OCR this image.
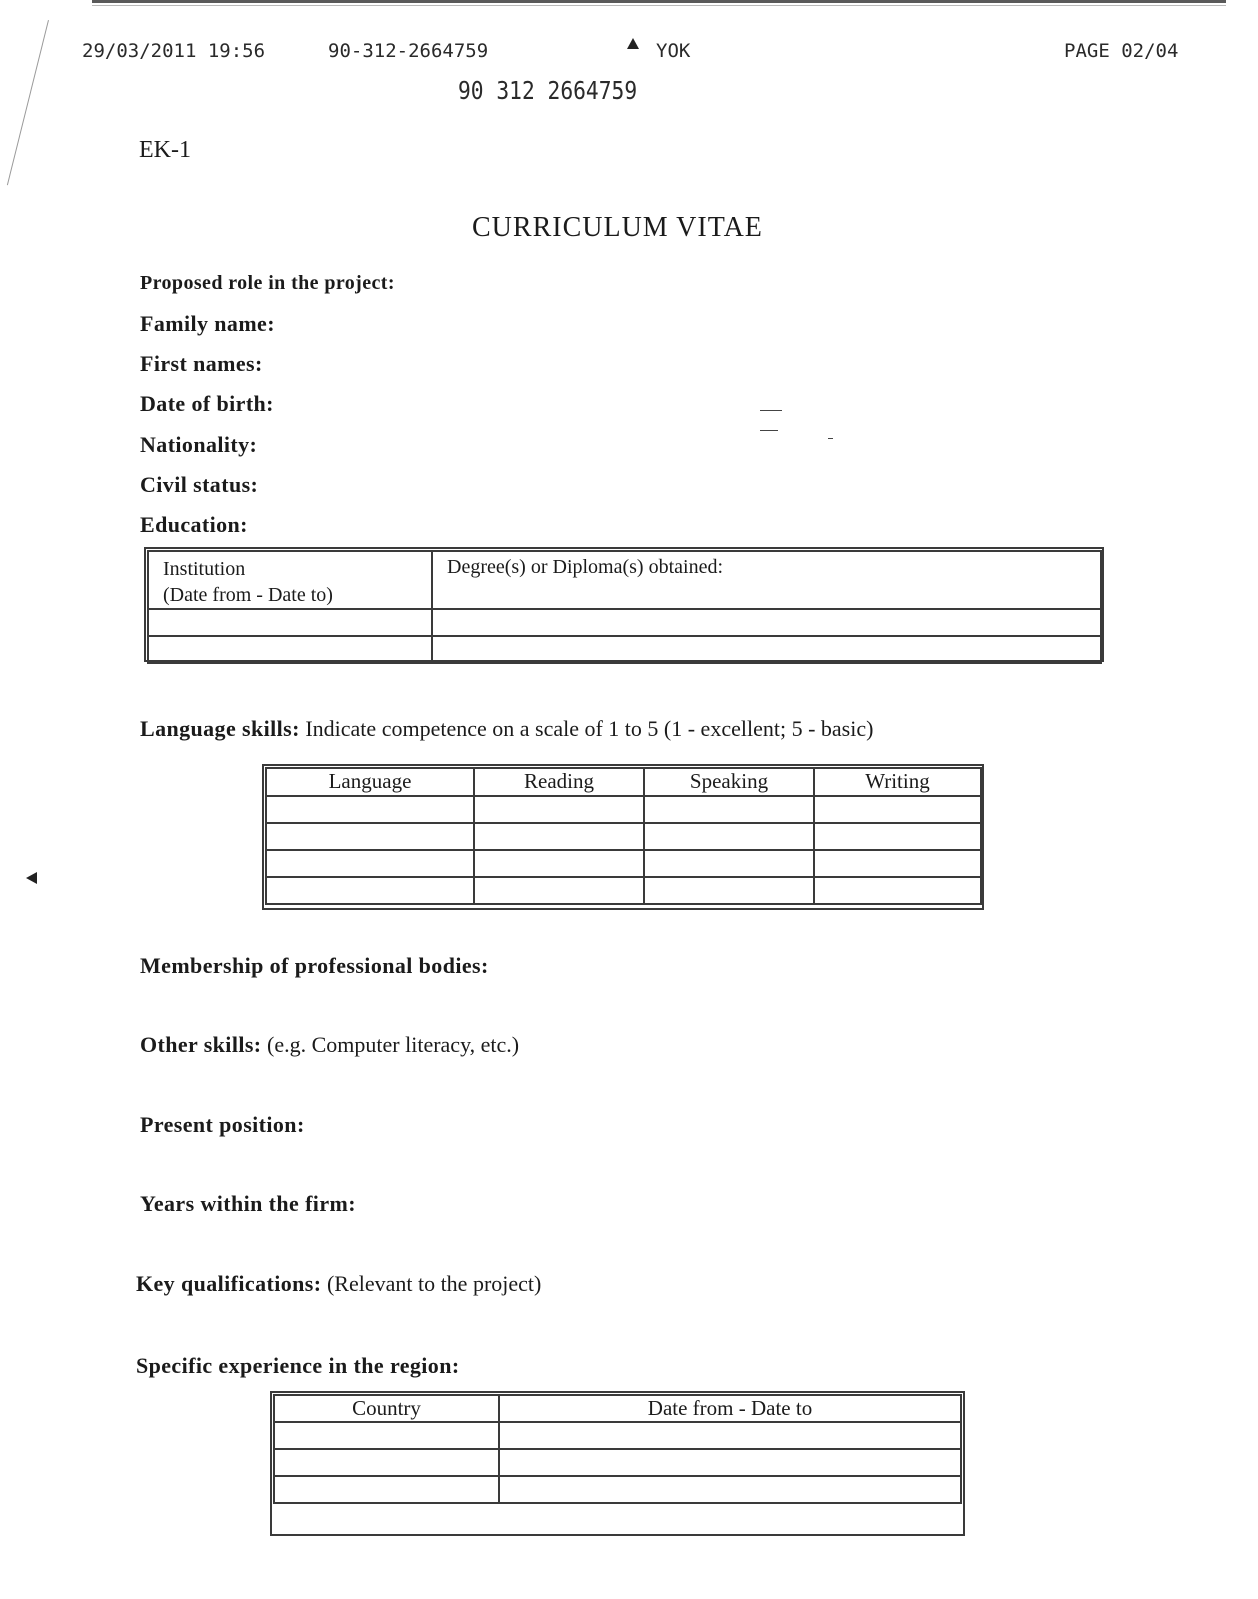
29/03/2011 19:56	90-312-2664759	YOK	PAGE 02/04
90 312 2664759
EK-1
CURRICULUM VITAE
Proposed role in the project:
Family name:
First names:
Date of birth:
Nationality:
Civil status:
Education:
Institution
(Date from - Date to)	Degree(s) or Diploma(s) obtained:

Language skills: Indicate competence on a scale of 1 to 5 (1 - excellent; 5 - basic)
Language	Reading	Speaking	Writing

Membership of professional bodies:
Other skills: (e.g. Computer literacy, etc.)
Present position:
Years within the firm:
Key qualifications: (Relevant to the project)
Specific experience in the region:
Country	Date from - Date to
